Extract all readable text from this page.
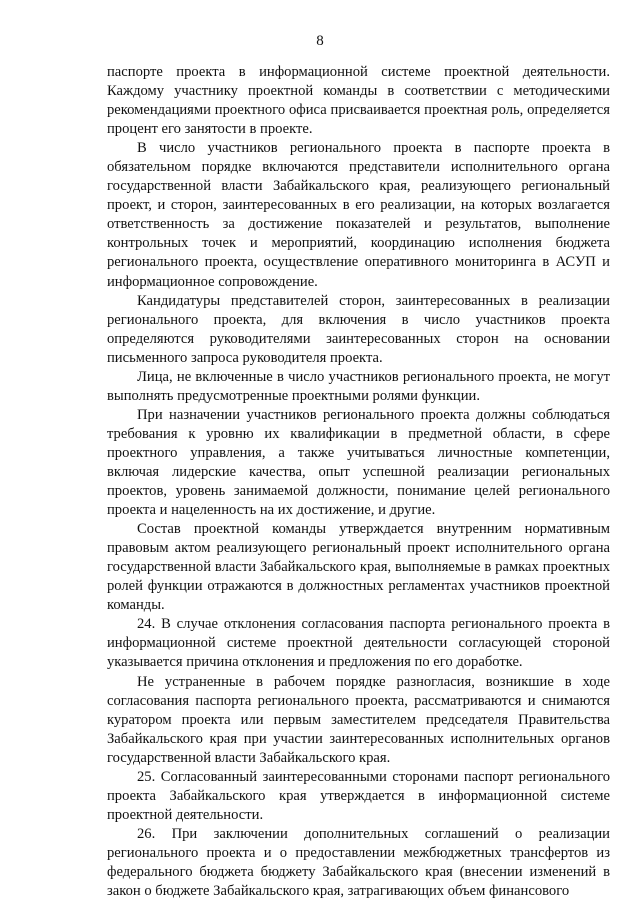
8

паспорте проекта в информационной системе проектной деятельности. Каждому участнику проектной команды в соответствии с методическими рекомендациями проектного офиса присваивается проектная роль, определяется процент его занятости в проекте.

В число участников регионального проекта в паспорте проекта в обязательном порядке включаются представители исполнительного органа государственной власти Забайкальского края, реализующего региональный проект, и сторон, заинтересованных в его реализации, на которых возлагается ответственность за достижение показателей и результатов, выполнение контрольных точек и мероприятий, координацию исполнения бюджета регионального проекта, осуществление оперативного мониторинга в АСУП и информационное сопровождение.

Кандидатуры представителей сторон, заинтересованных в реализации регионального проекта, для включения в число участников проекта определяются руководителями заинтересованных сторон на основании письменного запроса руководителя проекта.

Лица, не включенные в число участников регионального проекта, не могут выполнять предусмотренные проектными ролями функции.

При назначении участников регионального проекта должны соблюдаться требования к уровню их квалификации в предметной области, в сфере проектного управления, а также учитываться личностные компетенции, включая лидерские качества, опыт успешной реализации региональных проектов, уровень занимаемой должности, понимание целей регионального проекта и нацеленность на их достижение, и другие.

Состав проектной команды утверждается внутренним нормативным правовым актом реализующего региональный проект исполнительного органа государственной власти Забайкальского края, выполняемые в рамках проектных ролей функции отражаются в должностных регламентах участников проектной команды.

24. В случае отклонения согласования паспорта регионального проекта в информационной системе проектной деятельности согласующей стороной указывается причина отклонения и предложения по его доработке.

Не устраненные в рабочем порядке разногласия, возникшие в ходе согласования паспорта регионального проекта, рассматриваются и снимаются куратором проекта или первым заместителем председателя Правительства Забайкальского края при участии заинтересованных исполнительных органов государственной власти Забайкальского края.

25. Согласованный заинтересованными сторонами паспорт регионального проекта Забайкальского края утверждается в информационной системе проектной деятельности.

26. При заключении дополнительных соглашений о реализации регионального проекта и о предоставлении межбюджетных трансфертов из федерального бюджета бюджету Забайкальского края (внесении изменений в закон о бюджете Забайкальского края, затрагивающих объем финансового
